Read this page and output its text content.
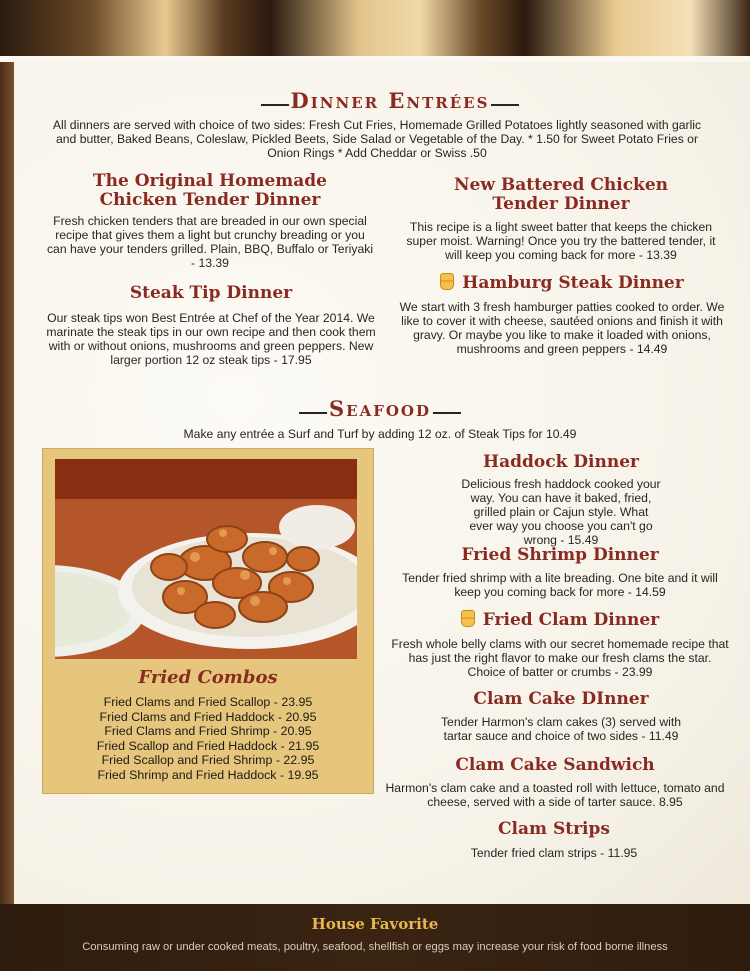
Dinner Entrées
All dinners are served with choice of two sides: Fresh Cut Fries, Homemade Grilled Potatoes lightly seasoned with garlic and butter, Baked Beans, Coleslaw, Pickled Beets, Side Salad or Vegetable of the Day. * 1.50 for Sweet Potato Fries or Onion Rings * Add Cheddar or Swiss .50
The Original Homemade Chicken Tender Dinner
Fresh chicken tenders that are breaded in our own special recipe that gives them a light but crunchy breading or you can have your tenders grilled. Plain, BBQ, Buffalo or Teriyaki - 13.39
Steak Tip Dinner
Our steak tips won Best Entrée at Chef of the Year 2014. We marinate the steak tips in our own recipe and then cook them with or without onions, mushrooms and green peppers. New larger portion 12 oz steak tips - 17.95
New Battered Chicken Tender Dinner
This recipe is a light sweet batter that keeps the chicken super moist. Warning! Once you try the battered tender, it will keep you coming back for more - 13.39
Hamburg Steak Dinner
We start with 3 fresh hamburger patties cooked to order. We like to cover it with cheese, sautéed onions and finish it with gravy. Or maybe you like to make it loaded with onions, mushrooms and green peppers - 14.49
Seafood
Make any entrée a Surf and Turf by adding 12 oz. of Steak Tips for 10.49
Fried Combos
Fried Clams and Fried Scallop - 23.95
Fried Clams and Fried Haddock - 20.95
Fried Clams and Fried Shrimp - 20.95
Fried Scallop and Fried Haddock - 21.95
Fried Scallop and Fried Shrimp - 22.95
Fried Shrimp and Fried Haddock - 19.95
Haddock Dinner
Delicious fresh haddock cooked your way. You can have it baked, fried, grilled plain or Cajun style. What ever way you choose you can't go wrong - 15.49
Fried Shrimp Dinner
Tender fried shrimp with a lite breading. One bite and it will keep you coming back for more - 14.59
Fried Clam Dinner
Fresh whole belly clams with our secret homemade recipe that has just the right flavor to make our fresh clams the star. Choice of batter or crumbs - 23.99
Clam Cake DInner
Tender Harmon's clam cakes (3) served with tartar sauce and choice of two sides - 11.49
Clam Cake Sandwich
Harmon's clam cake and a toasted roll with lettuce, tomato and cheese, served with a side of tarter sauce. 8.95
Clam Strips
Tender fried clam strips - 11.95
House Favorite
Consuming raw or under cooked meats, poultry, seafood, shellfish or eggs may increase your risk of food borne illness
